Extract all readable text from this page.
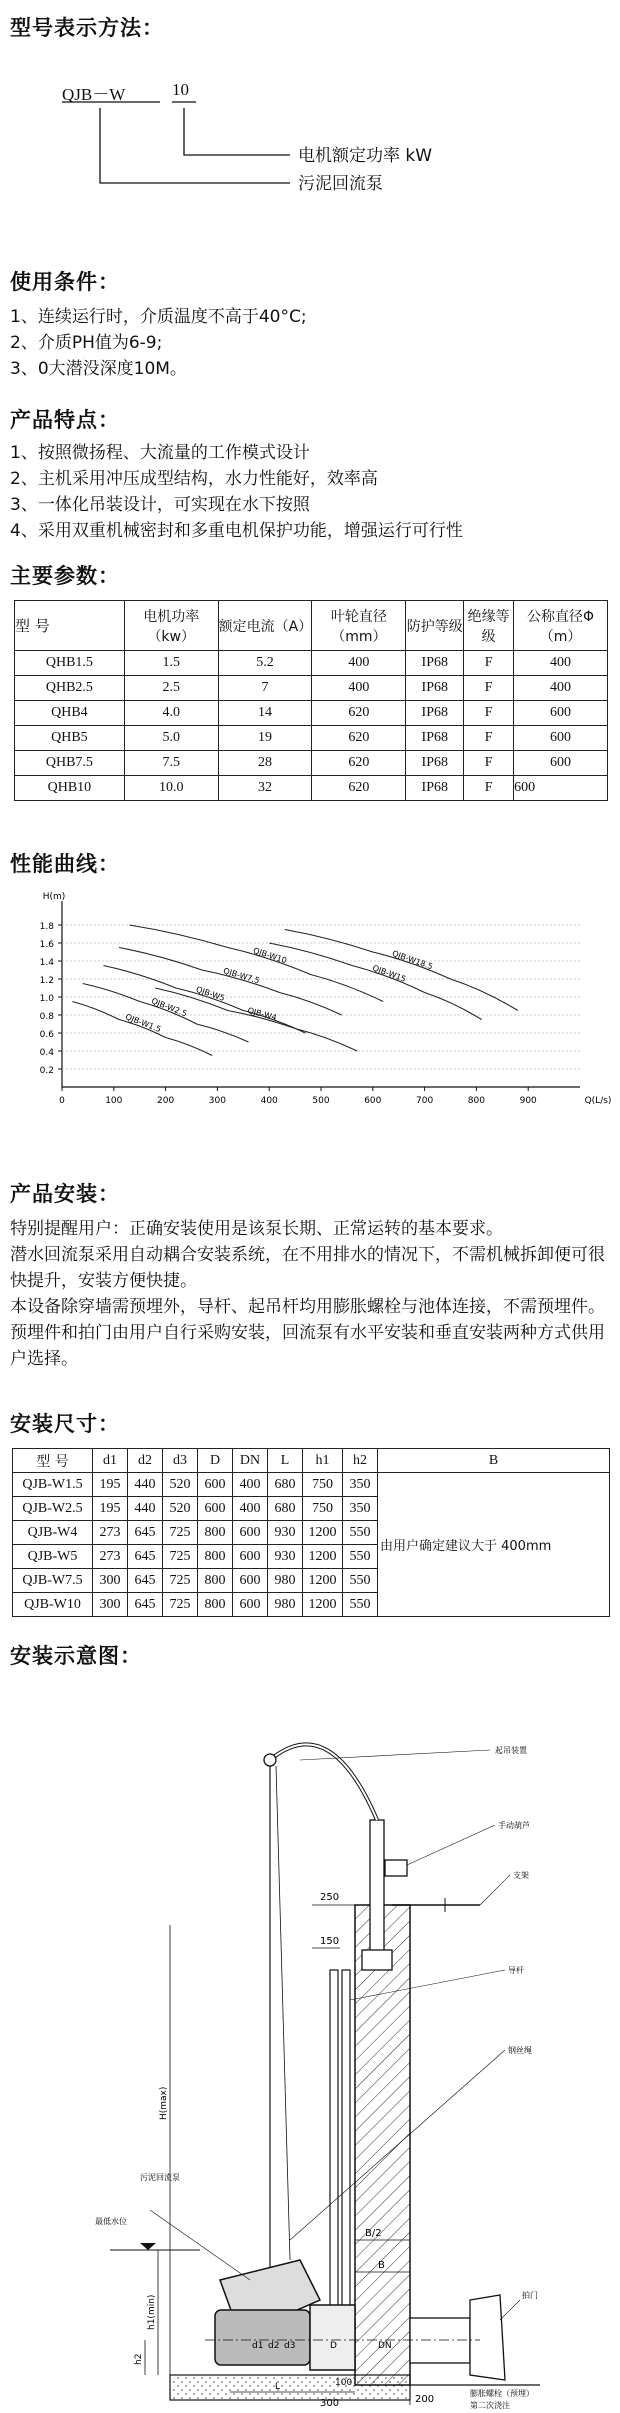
型号表示方法：
QJB－W	10
电机额定功率 kW
污泥回流泵
使用条件：
1、连续运行时，介质温度不高于40°C;
2、介质PH值为6-9;
3、0大潜没深度10M。
产品特点：
1、按照微扬程、大流量的工作模式设计
2、主机采用冲压成型结构，水力性能好，效率高
3、一体化吊装设计，可实现在水下按照
4、采用双重机械密封和多重电机保护功能，增强运行可行性
主要参数：
型 号	电机功率（kw）	额定电流（A）	叶轮直径（mm）	防护等级	绝缘等级	公称直径Φ（m）
QHB1.5	1.5	5.2	400	IP68	F	400
QHB2.5	2.5	7	400	IP68	F	400
QHB4	4.0	14	620	IP68	F	600
QHB5	5.0	19	620	IP68	F	600
QHB7.5	7.5	28	620	IP68	F	600
QHB10	10.0	32	620	IP68	F	600
性能曲线：
0.2
0.4
0.6
0.8
1.0
1.2
1.4
1.6
1.8
0	100	200	300	400	500	600	700	800	900
H(m)
Q(L/s)
QJB-W18.5
QJB-W15
QJB-W10
QJB-W7.5
QJB-W5
QJB-W4
QJB-W2.5
QJB-W1.5
产品安装：
特别提醒用户：正确安装使用是该泵长期、正常运转的基本要求。
潜水回流泵采用自动耦合安装系统，在不用排水的情况下，不需机械拆卸便可很快提升，安装方便快捷。
本设备除穿墙需预埋外，导杆、起吊杆均用膨胀螺栓与池体连接，不需预埋件。
预埋件和拍门由用户自行采购安装，回流泵有水平安装和垂直安装两种方式供用户选择。
安装尺寸：
型 号	d1	d2	d3	D	DN	L	h1	h2	B
QJB-W1.5	195	440	520	600	400	680	750	350	由用户确定建议大于 400mm
QJB-W2.5	195	440	520	600	400	680	750	350	
QJB-W4	273	645	725	800	600	930	1200	550	
QJB-W5	273	645	725	800	600	930	1200	550	
QJB-W7.5	300	645	725	800	600	980	1200	550	
QJB-W10	300	645	725	800	600	980	1200	550	
安装示意图：
起吊装置
手动葫芦
支架
导杆
钢丝绳
最低水位
污泥回流泵
拍门
膨胀螺栓（预埋）
第二次浇注
250
150
300	200
100
H(max)
h1(min)
h2
B/2
B
d1 d2 d3	D	DN
L
